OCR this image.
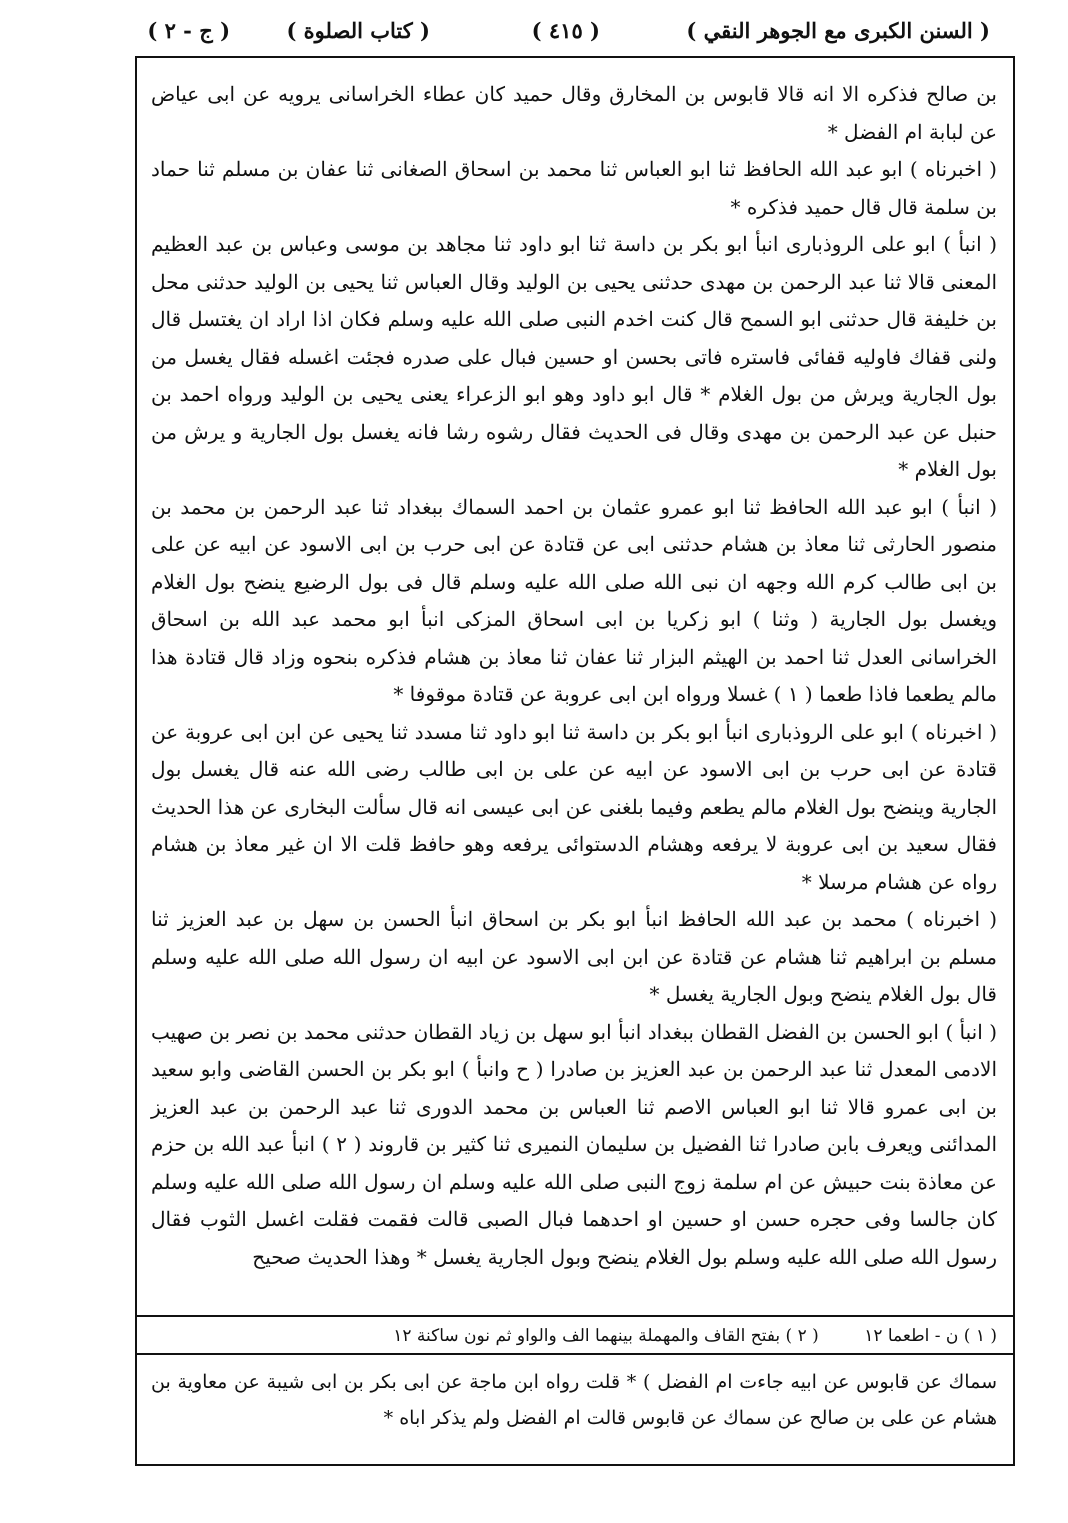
( السنن الكبرى مع الجوهر النقي )
( ٤١٥ )
( كتاب الصلوة )
( ج - ٢ )

بن صالح فذكره الا انه قالا قابوس بن المخارق وقال حميد كان عطاء الخراسانى يرويه عن ابى عياض عن لبابة ام الفضل *

( اخبرناه ) ابو عبد الله الحافظ ثنا ابو العباس ثنا محمد بن اسحاق الصغانى ثنا عفان بن مسلم ثنا حماد بن سلمة قال قال حميد فذكره *

( انبأ ) ابو على الروذبارى انبأ ابو بكر بن داسة ثنا ابو داود ثنا مجاهد بن موسى وعباس بن عبد العظيم المعنى قالا ثنا عبد الرحمن بن مهدى حدثنى يحيى بن الوليد وقال العباس ثنا يحيى بن الوليد حدثنى محل بن خليفة قال حدثنى ابو السمح قال كنت اخدم النبى صلى الله عليه وسلم فكان اذا اراد ان يغتسل قال ولنى قفاك فاوليه قفائى فاستره فاتى بحسن او حسين فبال على صدره فجئت اغسله فقال يغسل من بول الجارية ويرش من بول الغلام * قال ابو داود وهو ابو الزعراء يعنى يحيى بن الوليد ورواه احمد بن حنبل عن عبد الرحمن بن مهدى وقال فى الحديث فقال رشوه رشا فانه يغسل بول الجارية و يرش من بول الغلام *

( انبأ ) ابو عبد الله الحافظ ثنا ابو عمرو عثمان بن احمد السماك ببغداد ثنا عبد الرحمن بن محمد بن منصور الحارثى ثنا معاذ بن هشام حدثنى ابى عن قتادة عن ابى حرب بن ابى الاسود عن ابيه عن على بن ابى طالب كرم الله وجهه ان نبى الله صلى الله عليه وسلم قال فى بول الرضيع ينضح بول الغلام ويغسل بول الجارية ( وثنا ) ابو زكريا بن ابى اسحاق المزكى انبأ ابو محمد عبد الله بن اسحاق الخراسانى العدل ثنا احمد بن الهيثم البزار ثنا عفان ثنا معاذ بن هشام فذكره بنحوه وزاد قال قتادة هذا مالم يطعما فاذا طعما ( ١ ) غسلا ورواه ابن ابى عروبة عن قتادة موقوفا *

( اخبرناه ) ابو على الروذبارى انبأ ابو بكر بن داسة ثنا ابو داود ثنا مسدد ثنا يحيى عن ابن ابى عروبة عن قتادة عن ابى حرب بن ابى الاسود عن ابيه عن على بن ابى طالب رضى الله عنه قال يغسل بول الجارية وينضح بول الغلام مالم يطعم وفيما بلغنى عن ابى عيسى انه قال سألت البخارى عن هذا الحديث فقال سعيد بن ابى عروبة لا يرفعه وهشام الدستوائى يرفعه وهو حافظ قلت الا ان غير معاذ بن هشام رواه عن هشام مرسلا *

( اخبرناه ) محمد بن عبد الله الحافظ انبأ ابو بكر بن اسحاق انبأ الحسن بن سهل بن عبد العزيز ثنا مسلم بن ابراهيم ثنا هشام عن قتادة عن ابن ابى الاسود عن ابيه ان رسول الله صلى الله عليه وسلم قال بول الغلام ينضح وبول الجارية يغسل *

( انبأ ) ابو الحسن بن الفضل القطان ببغداد انبأ ابو سهل بن زياد القطان حدثنى محمد بن نصر بن صهيب الادمى المعدل ثنا عبد الرحمن بن عبد العزيز بن صادرا ( ح وانبأ ) ابو بكر بن الحسن القاضى وابو سعيد بن ابى عمرو قالا ثنا ابو العباس الاصم ثنا العباس بن محمد الدورى ثنا عبد الرحمن بن عبد العزيز المدائنى ويعرف بابن صادرا ثنا الفضيل بن سليمان النميرى ثنا كثير بن قاروند ( ٢ ) انبأ عبد الله بن حزم عن معاذة بنت حبيش عن ام سلمة زوج النبى صلى الله عليه وسلم ان رسول الله صلى الله عليه وسلم كان جالسا وفى حجره حسن او حسين او احدهما فبال الصبى قالت فقمت فقلت اغسل الثوب فقال رسول الله صلى الله عليه وسلم بول الغلام ينضح وبول الجارية يغسل * وهذا الحديث صحيح

( ١ ) ن - اطعما ١٢ ( ٢ ) بفتح القاف والمهملة بينهما الف والواو ثم نون ساكنة ١٢

سماك عن قابوس عن ابيه جاءت ام الفضل ) * قلت رواه ابن ماجة عن ابى بكر بن ابى شيبة عن معاوية بن هشام عن على بن صالح عن سماك عن قابوس قالت ام الفضل ولم يذكر اباه *
